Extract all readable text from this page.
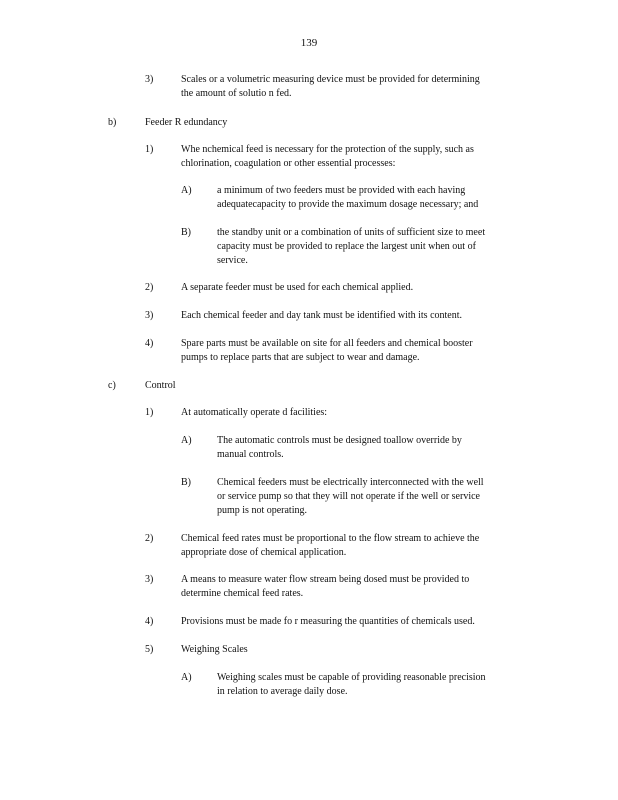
139
3)	Scales or a volumetric measuring device must be provided for determining
the amount of solutio n fed.
b)	Feeder R edundancy
1)	Whe nchemical feed is necessary for the protection of the supply, such as
chlorination, coagulation or other essential processes:
A)	a minimum of two feeders must be provided with each having
adequatecapacity to provide the maximum dosage necessary; and
B)	the standby unit or a combination of units of sufficient size to meet
capacity must be provided to replace the largest unit when out of
service.
2)	A separate feeder must be used for each chemical applied.
3)	Each chemical feeder and day tank must be identified with its content.
4)	Spare parts must be available on site for all feeders and chemical booster
pumps to replace parts that are subject to wear and damage.
c)	Control
1)	At automatically operate d facilities:
A)	The automatic controls must be designed toallow override by
manual controls.
B)	Chemical feeders must be electrically interconnected with the well
or service pump so that they will not operate if the well or service
pump is not operating.
2)	Chemical feed rates must be proportional to the flow stream to achieve the
appropriate dose of chemical application.
3)	A means to measure water flow stream being dosed must be provided to
determine chemical feed rates.
4)	Provisions must be made fo r measuring the quantities of chemicals used.
5)	Weighing Scales
A)	Weighing scales must be capable of providing reasonable precision
in relation to average daily dose.
